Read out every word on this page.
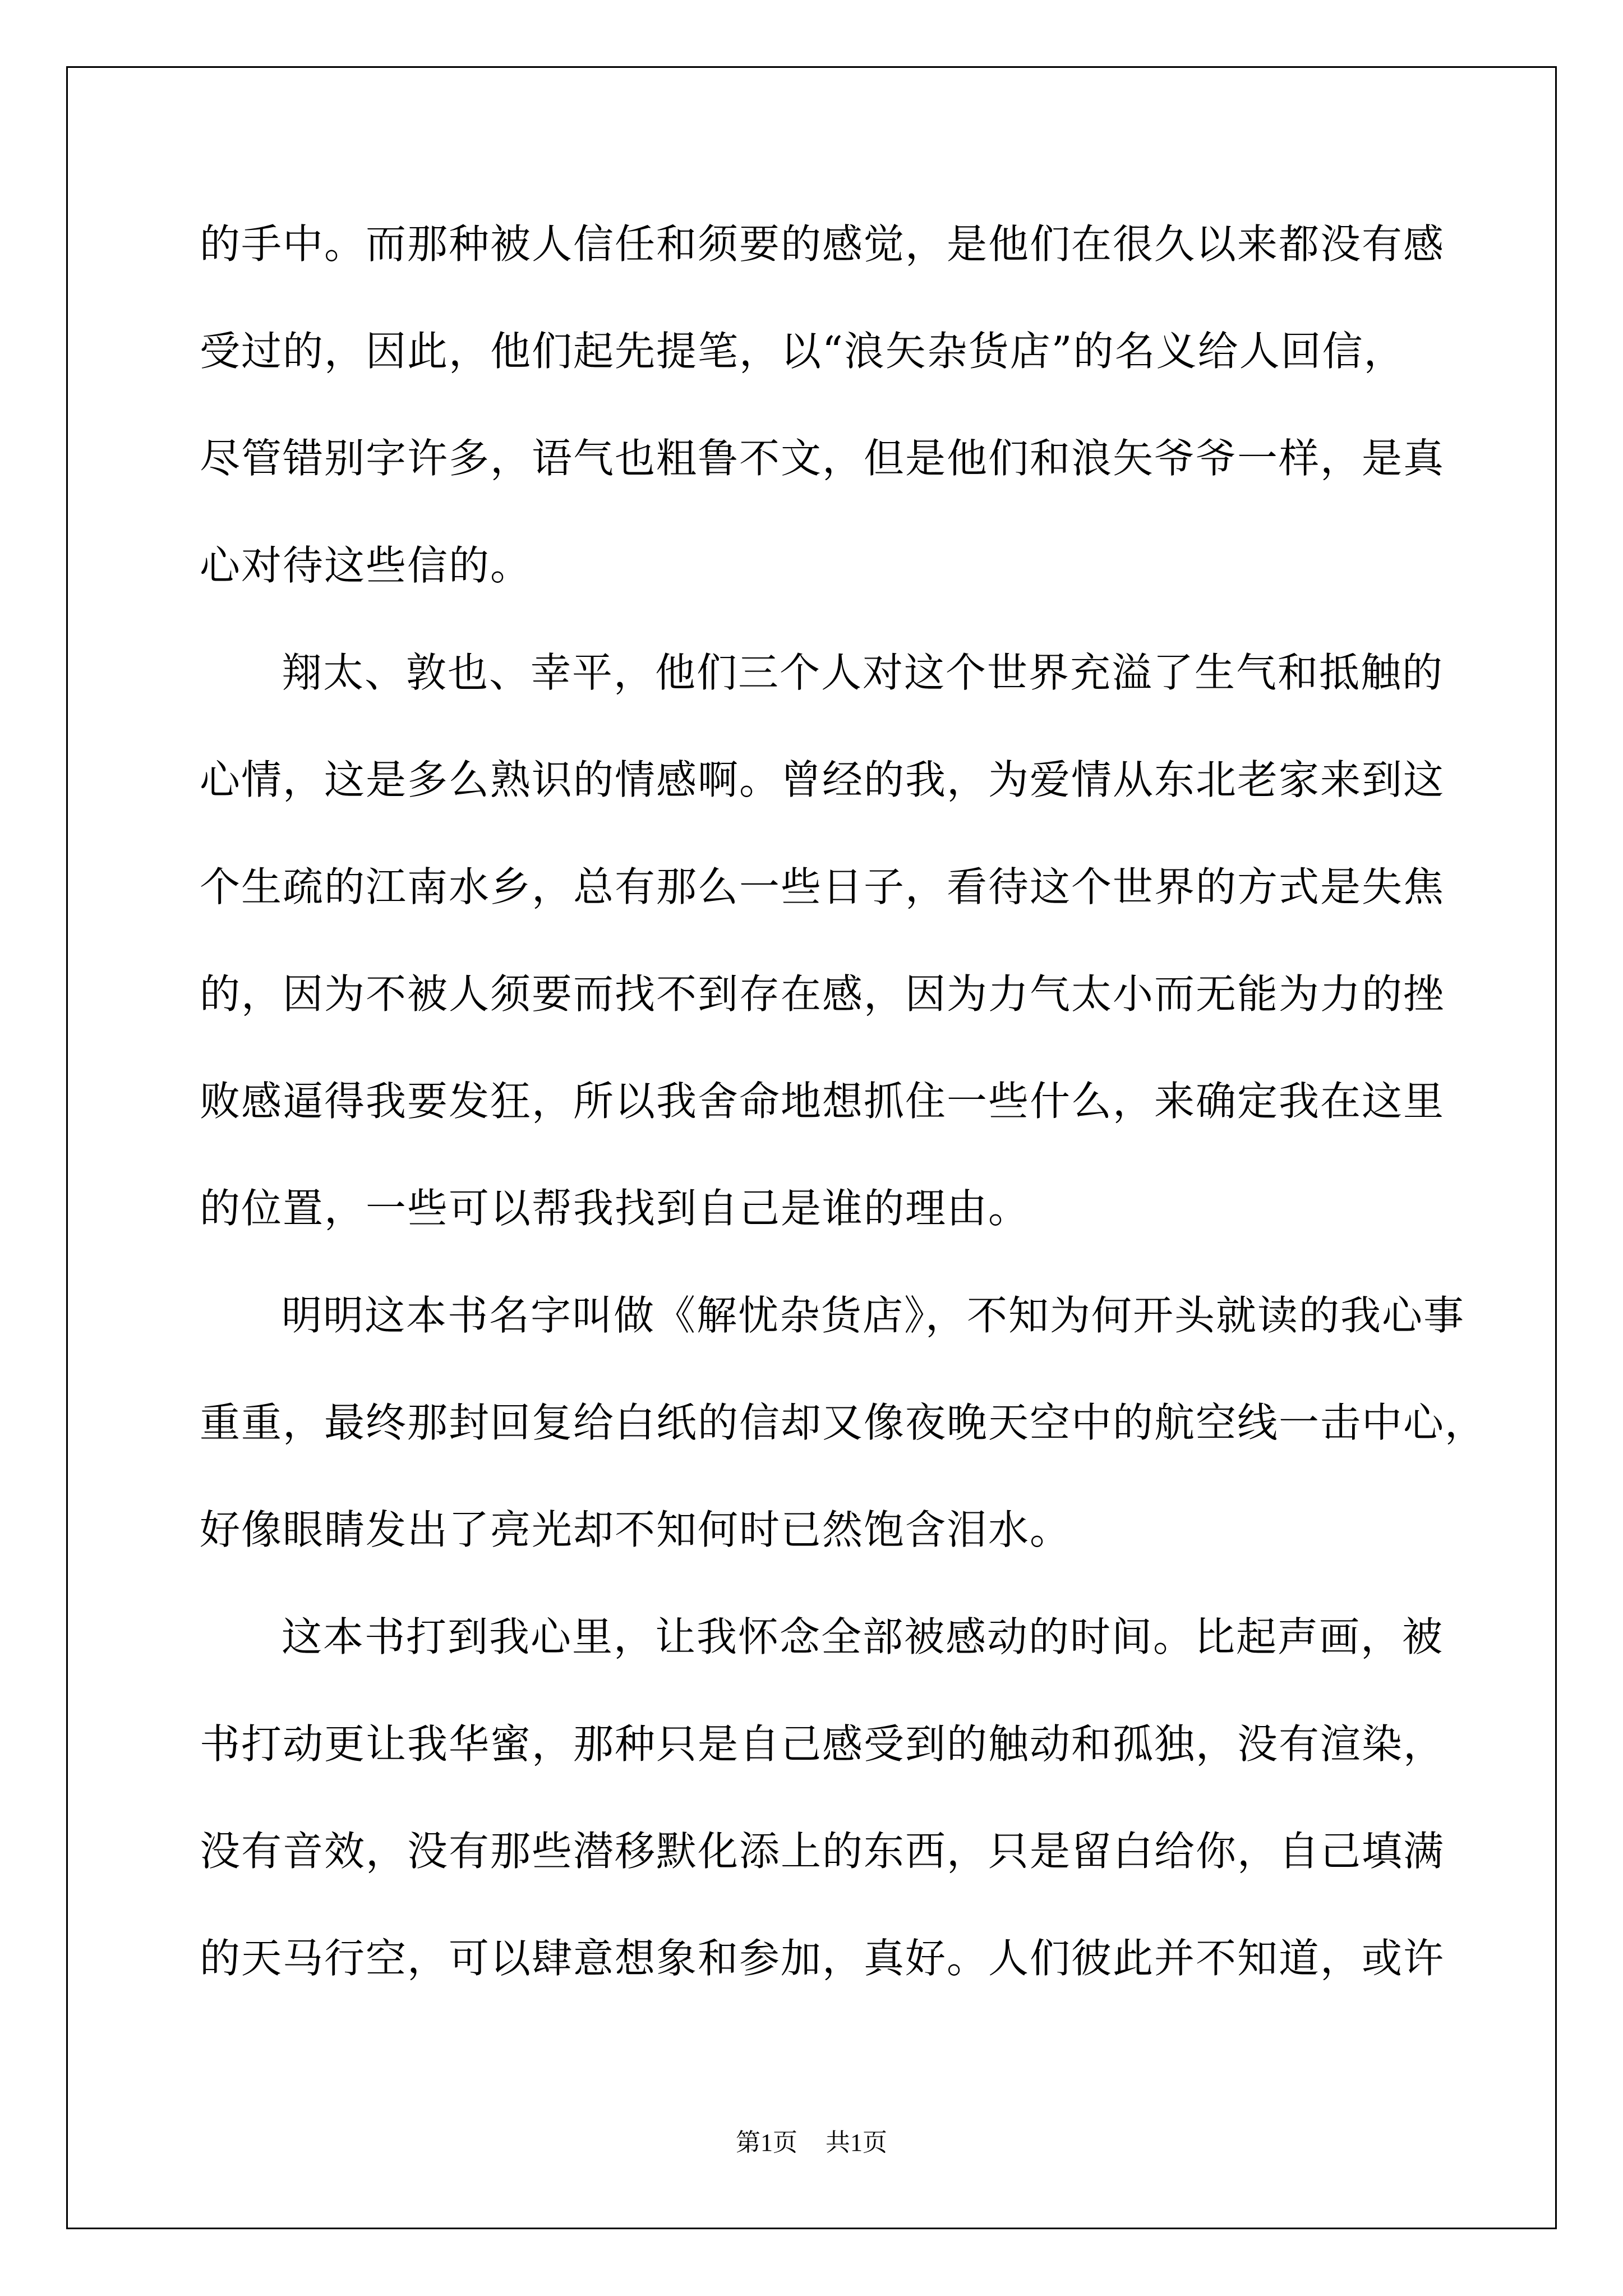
的手中。而那种被人信任和须要的感觉，是他们在很久以来都没有感
受过的，因此，他们起先提笔，以“浪矢杂货店”的名义给人回信，
尽管错别字许多，语气也粗鲁不文，但是他们和浪矢爷爷一样，是真
心对待这些信的。
翔太、敦也、幸平，他们三个人对这个世界充溢了生气和抵触的
心情，这是多么熟识的情感啊。曾经的我，为爱情从东北老家来到这
个生疏的江南水乡，总有那么一些日子，看待这个世界的方式是失焦
的，因为不被人须要而找不到存在感，因为力气太小而无能为力的挫
败感逼得我要发狂，所以我舍命地想抓住一些什么，来确定我在这里
的位置，一些可以帮我找到自己是谁的理由。
明明这本书名字叫做《解忧杂货店》，不知为何开头就读的我心事
重重，最终那封回复给白纸的信却又像夜晚天空中的航空线一击中心，
好像眼睛发出了亮光却不知何时已然饱含泪水。
这本书打到我心里，让我怀念全部被感动的时间。比起声画，被
书打动更让我华蜜，那种只是自己感受到的触动和孤独，没有渲染，
没有音效，没有那些潜移默化添上的东西，只是留白给你，自己填满
的天马行空，可以肆意想象和参加，真好。人们彼此并不知道，或许
第1页 共1页
